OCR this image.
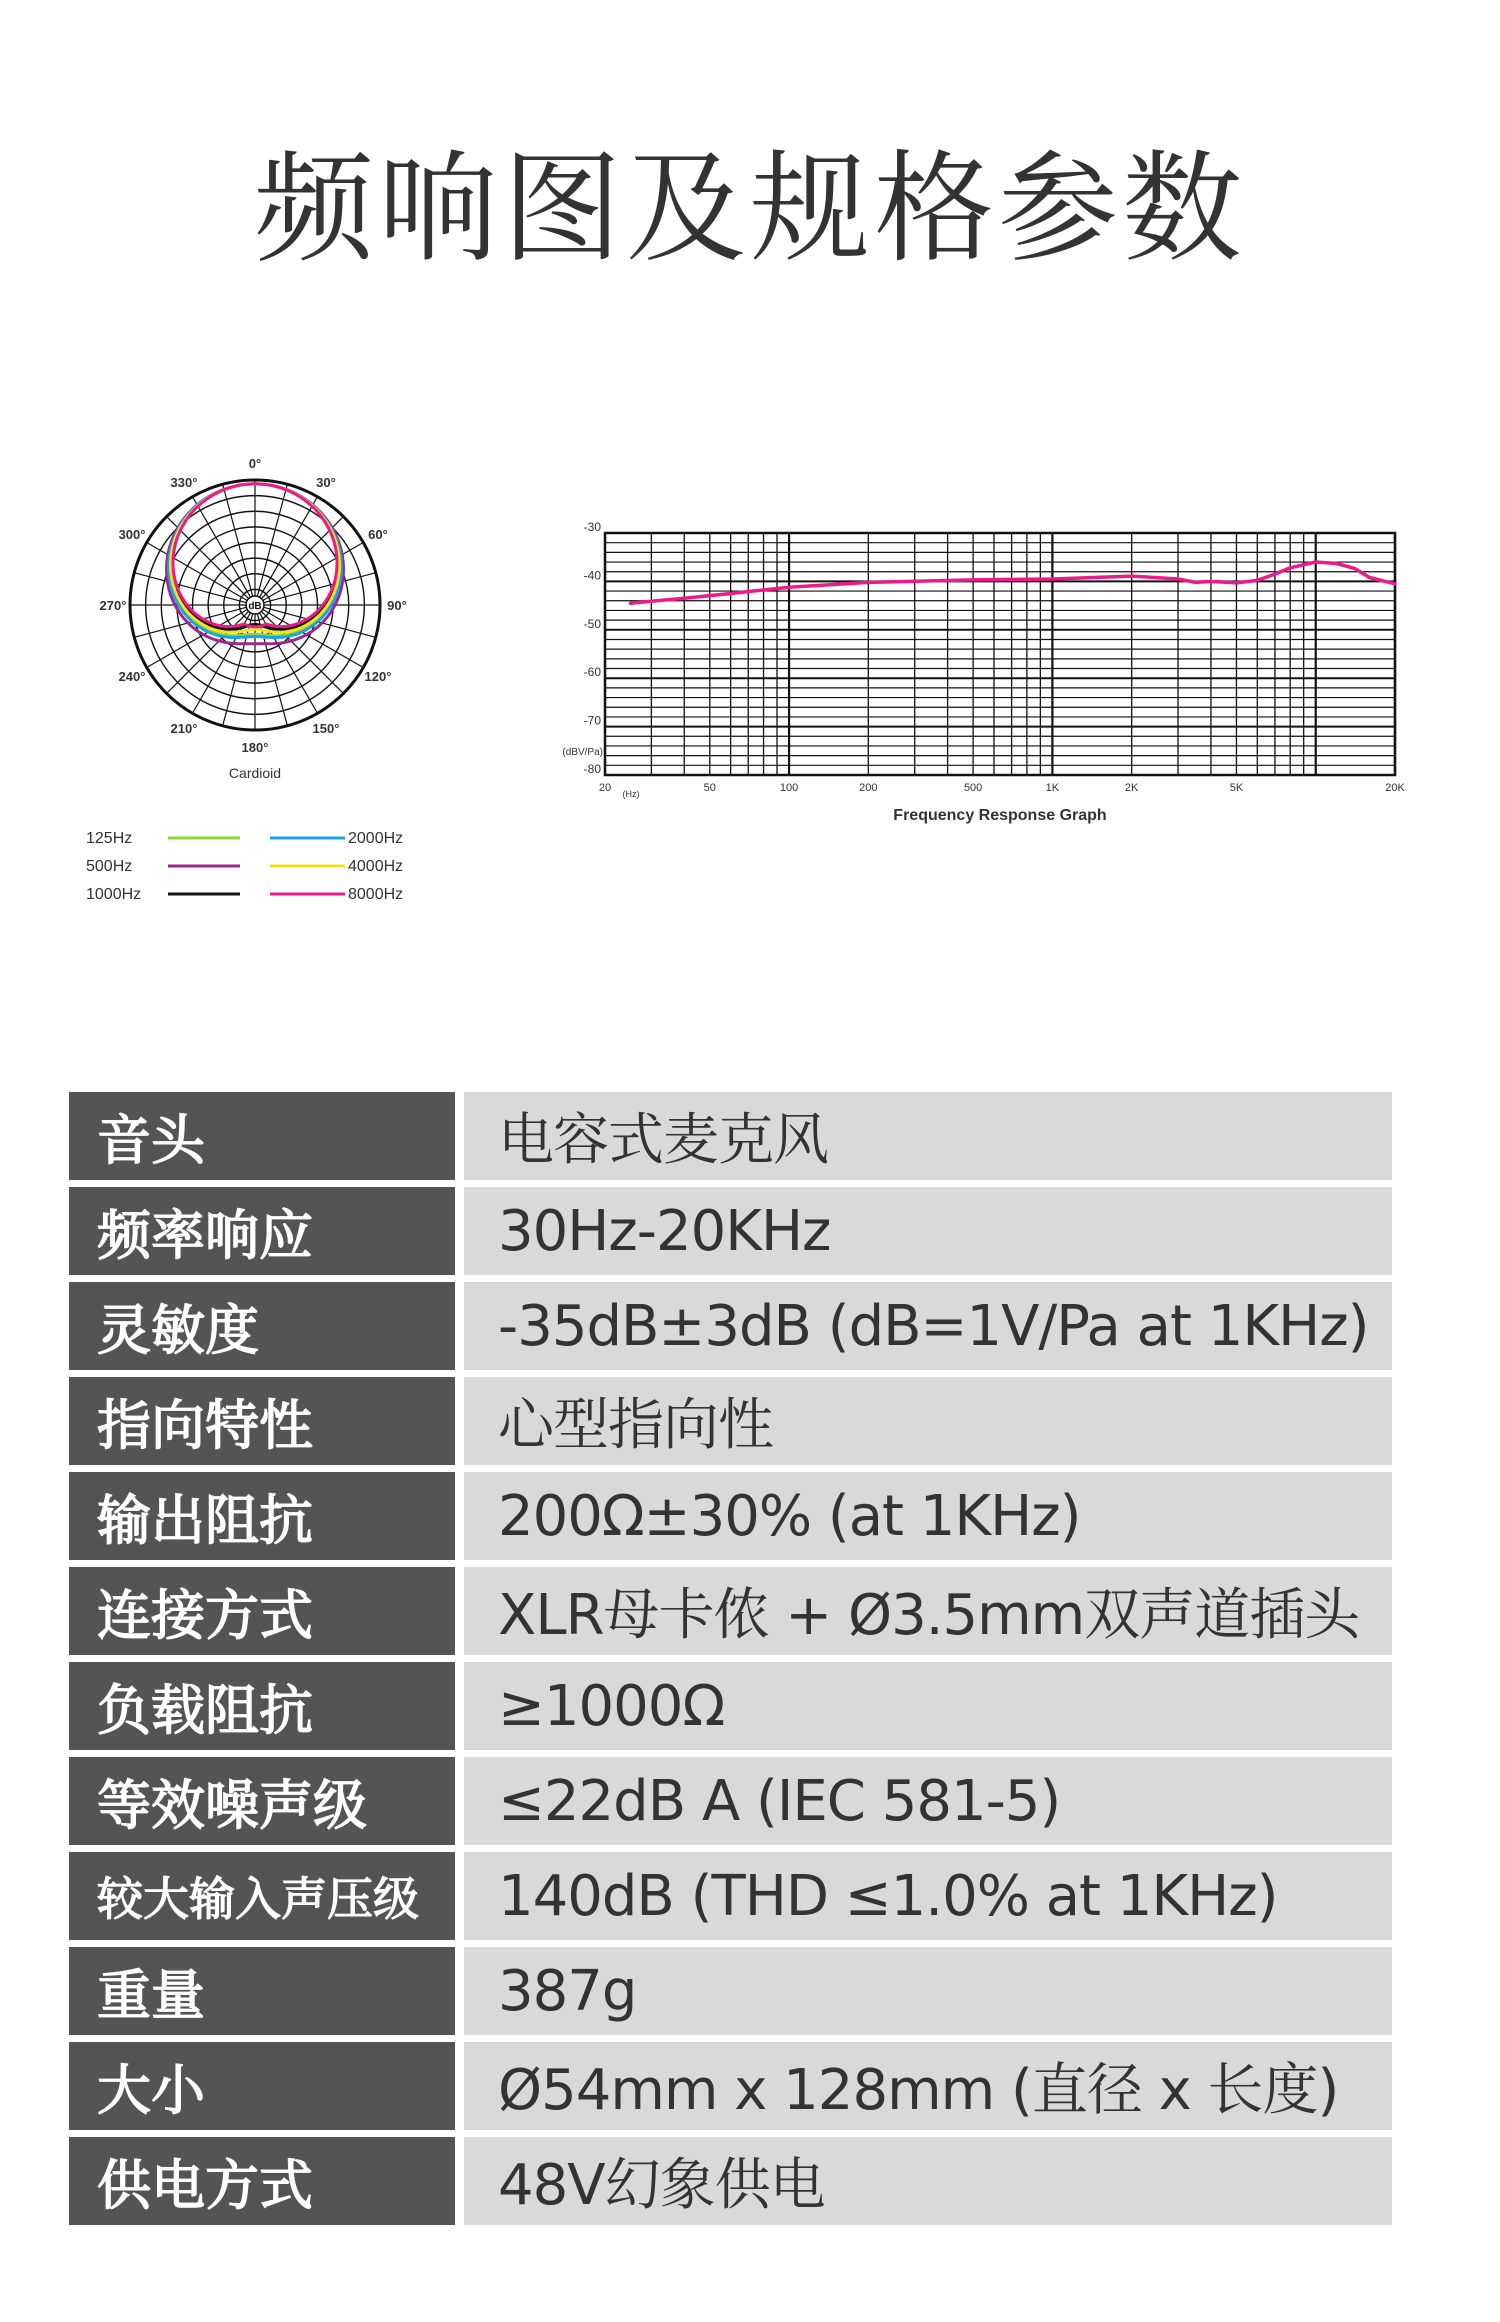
频响图及规格参数
dB
0°
30°
60°
90°
120°
150°
180°
210°
240°
270°
300°
330°
Cardioid
125Hz
500Hz
1000Hz
2000Hz
4000Hz
8000Hz
-30
-40
-50
-60
-70
-80
(dBV/Pa)
20	50	100	200	500	1K	2K	5K	20K
(Hz)
Frequency Response Graph
音头	电容式麦克风
频率响应	30Hz-20KHz
灵敏度	-35dB±3dB (dB=1V/Pa at 1KHz)
指向特性	心型指向性
输出阻抗	200Ω±30% (at 1KHz)
连接方式	XLR母卡侬 + Ø3.5mm双声道插头
负载阻抗	≥1000Ω
等效噪声级	≤22dB A (IEC 581-5)
较大输入声压级	140dB (THD ≤1.0% at 1KHz)
重量	387g
大小	Ø54mm x 128mm (直径 x 长度)
供电方式	48V幻象供电
